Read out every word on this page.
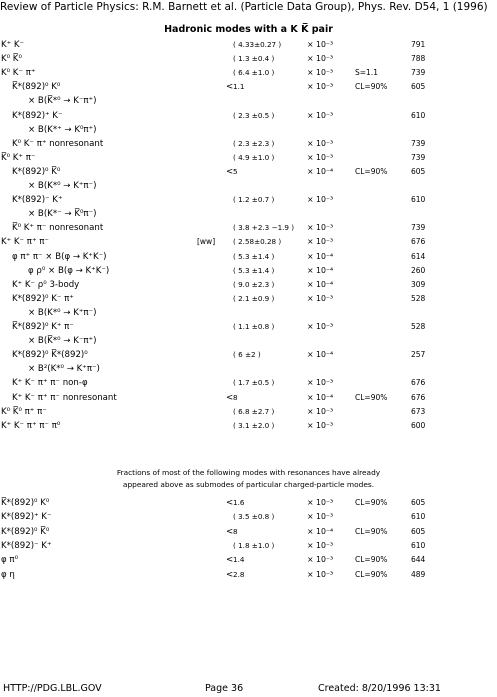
Review of Particle Physics: R.M. Barnett et al. (Particle Data Group), Phys. Rev. D54, 1 (1996)
Hadronic modes with a K K̅ pair
K⁺ K⁻	( 4.33±0.27 )	× 10⁻³	791
K⁰ K̅⁰	( 1.3 ±0.4 )	× 10⁻³	788
K⁰ K⁻ π⁺	( 6.4 ±1.0 )	× 10⁻³	S=1.1	739
K̅*(892)⁰ K⁰	< 1.1	× 10⁻³	CL=90%	605
× B(K̅*⁰ → K⁻π⁺)
K*(892)⁺ K⁻	( 2.3 ±0.5 )	× 10⁻³	610
× B(K*⁺ → K⁰π⁺)
K⁰ K⁻ π⁺ nonresonant	( 2.3 ±2.3 )	× 10⁻³	739
K̅⁰ K⁺ π⁻	( 4.9 ±1.0 )	× 10⁻³	739
K*(892)⁰ K̅⁰	< 5	× 10⁻⁴	CL=90%	605
× B(K*⁰ → K⁺π⁻)
K*(892)⁻ K⁺	( 1.2 ±0.7 )	× 10⁻³	610
× B(K*⁻ → K̅⁰π⁻)
K̅⁰ K⁺ π⁻ nonresonant	( 3.8 +2.3 −1.9 ) × 10⁻³	739
K⁺ K⁻ π⁺ π⁻	[ww] ( 2.58±0.28 )	× 10⁻³	676
φ π⁺ π⁻ × B(φ → K⁺K⁻)	( 5.3 ±1.4 )	× 10⁻⁴	614
φ ρ⁰ × B(φ → K⁺K⁻)	( 5.3 ±1.4 )	× 10⁻⁴	260
K⁺ K⁻ ρ⁰ 3-body	( 9.0 ±2.3 )	× 10⁻⁴	309
K*(892)⁰ K⁻ π⁺	( 2.1 ±0.9 )	× 10⁻³	528
× B(K*⁰ → K⁺π⁻)
K̅*(892)⁰ K⁺ π⁻	( 1.1 ±0.8 )	× 10⁻³	528
× B(K̅*⁰ → K⁻π⁺)
K*(892)⁰ K̅*(892)⁰	( 6 ±2 )	× 10⁻⁴	257
× B²(K*⁰ → K⁺π⁻)
K⁺ K⁻ π⁺ π⁻ non-φ	( 1.7 ±0.5 )	× 10⁻³	676
K⁺ K⁻ π⁺ π⁻ nonresonant	< 8	× 10⁻⁴	CL=90%	676
K⁰ K̅⁰ π⁺ π⁻	( 6.8 ±2.7 )	× 10⁻³	673
K⁺ K⁻ π⁺ π⁻ π⁰	( 3.1 ±2.0 )	× 10⁻³	600
Fractions of most of the following modes with resonances have already
appeared above as submodes of particular charged-particle modes.
K̅*(892)⁰ K⁰	< 1.6	× 10⁻³	CL=90%	605
K*(892)⁺ K⁻	( 3.5 ±0.8 )	× 10⁻³	610
K*(892)⁰ K̅⁰	< 8	× 10⁻⁴	CL=90%	605
K*(892)⁻ K⁺	( 1.8 ±1.0 )	× 10⁻³	610
φ π⁰	< 1.4	× 10⁻³	CL=90%	644
φ η	< 2.8	× 10⁻³	CL=90%	489
HTTP://PDG.LBL.GOV	Page 36	Created: 8/20/1996 13:31
